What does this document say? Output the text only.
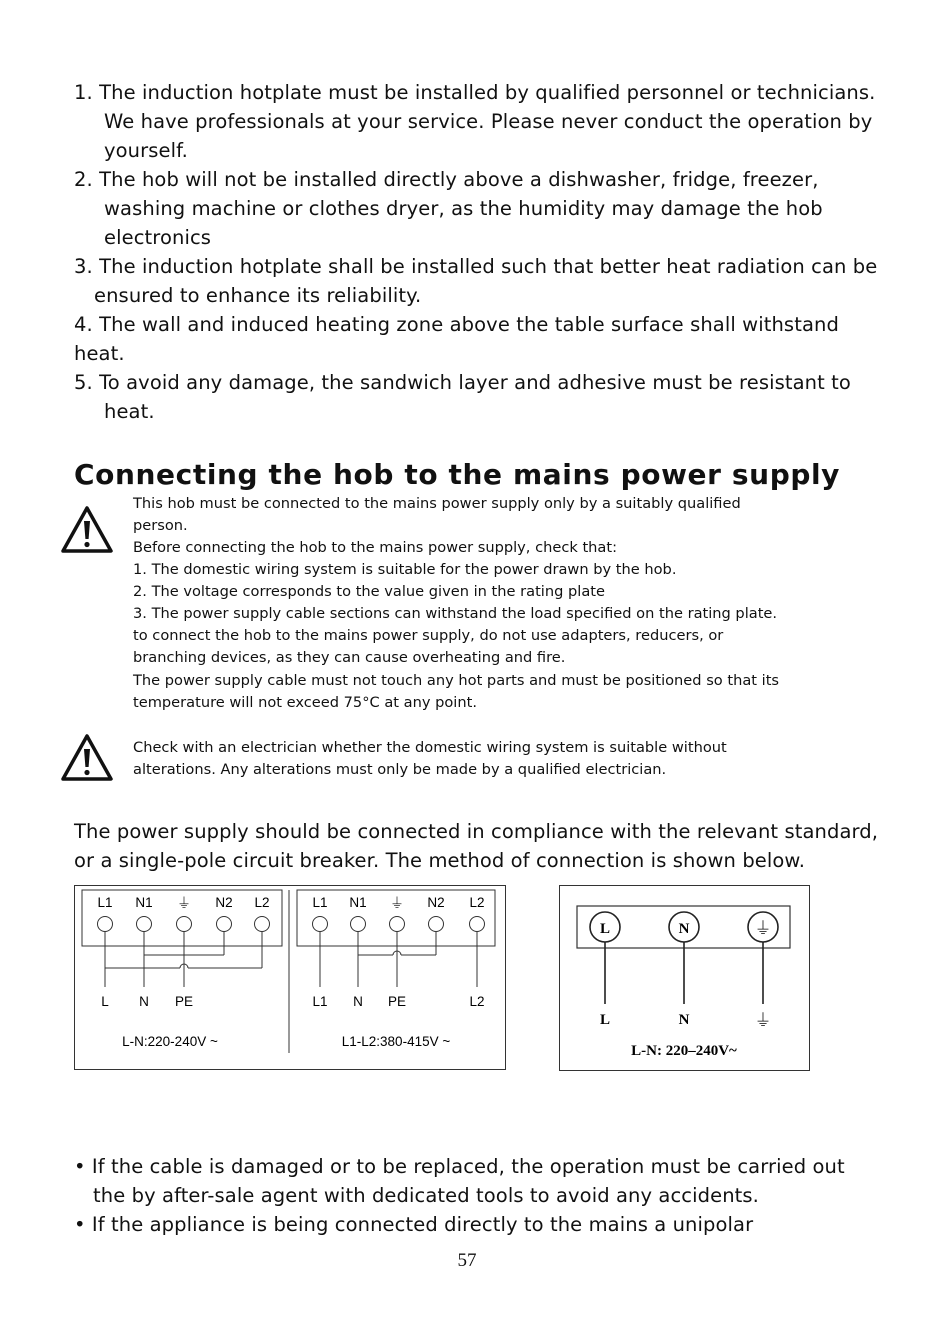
1. The induction hotplate must be installed by qualified personnel or technicians.
We have professionals at your service. Please never conduct the operation by
yourself.
2. The hob will not be installed directly above a dishwasher, fridge, freezer,
washing machine or clothes dryer, as the humidity may damage the hob
electronics
3. The induction hotplate shall be installed such that better heat radiation can be
ensured to enhance its reliability.
4. The wall and induced heating zone above the table surface shall withstand
heat.
5. To avoid any damage, the sandwich layer and adhesive must be resistant to
heat.
Connecting the hob to the mains power supply
This hob must be connected to the mains power supply only by a suitably qualified
person.
Before connecting the hob to the mains power supply, check that:
1. The domestic wiring system is suitable for the power drawn by the hob.
2. The voltage corresponds to the value given in the rating plate
3. The power supply cable sections can withstand the load specified on the rating plate.
to connect the hob to the mains power supply, do not use adapters, reducers, or
branching devices, as they can cause overheating and fire.
The power supply cable must not touch any hot parts and must be positioned so that its
temperature will not exceed 75°C at any point.
Check with an electrician whether the domestic wiring system is suitable without
alterations. Any alterations must only be made by a qualified electrician.
The power supply should be connected in compliance with the relevant standard,
or a single-pole circuit breaker. The method of connection is shown below.
L1 N1 ⏚ N2 L2
L N PE
L-N:220-240V ~
L1 N1 ⏚ N2 L2
L1 N PE	L2
L1-L2:380-415V ~
L	N	⏚
L	N	⏚
L-N: 220–240V~
• If the cable is damaged or to be replaced, the operation must be carried out
the by after-sale agent with dedicated tools to avoid any accidents.
• If the appliance is being connected directly to the mains a unipolar
57
